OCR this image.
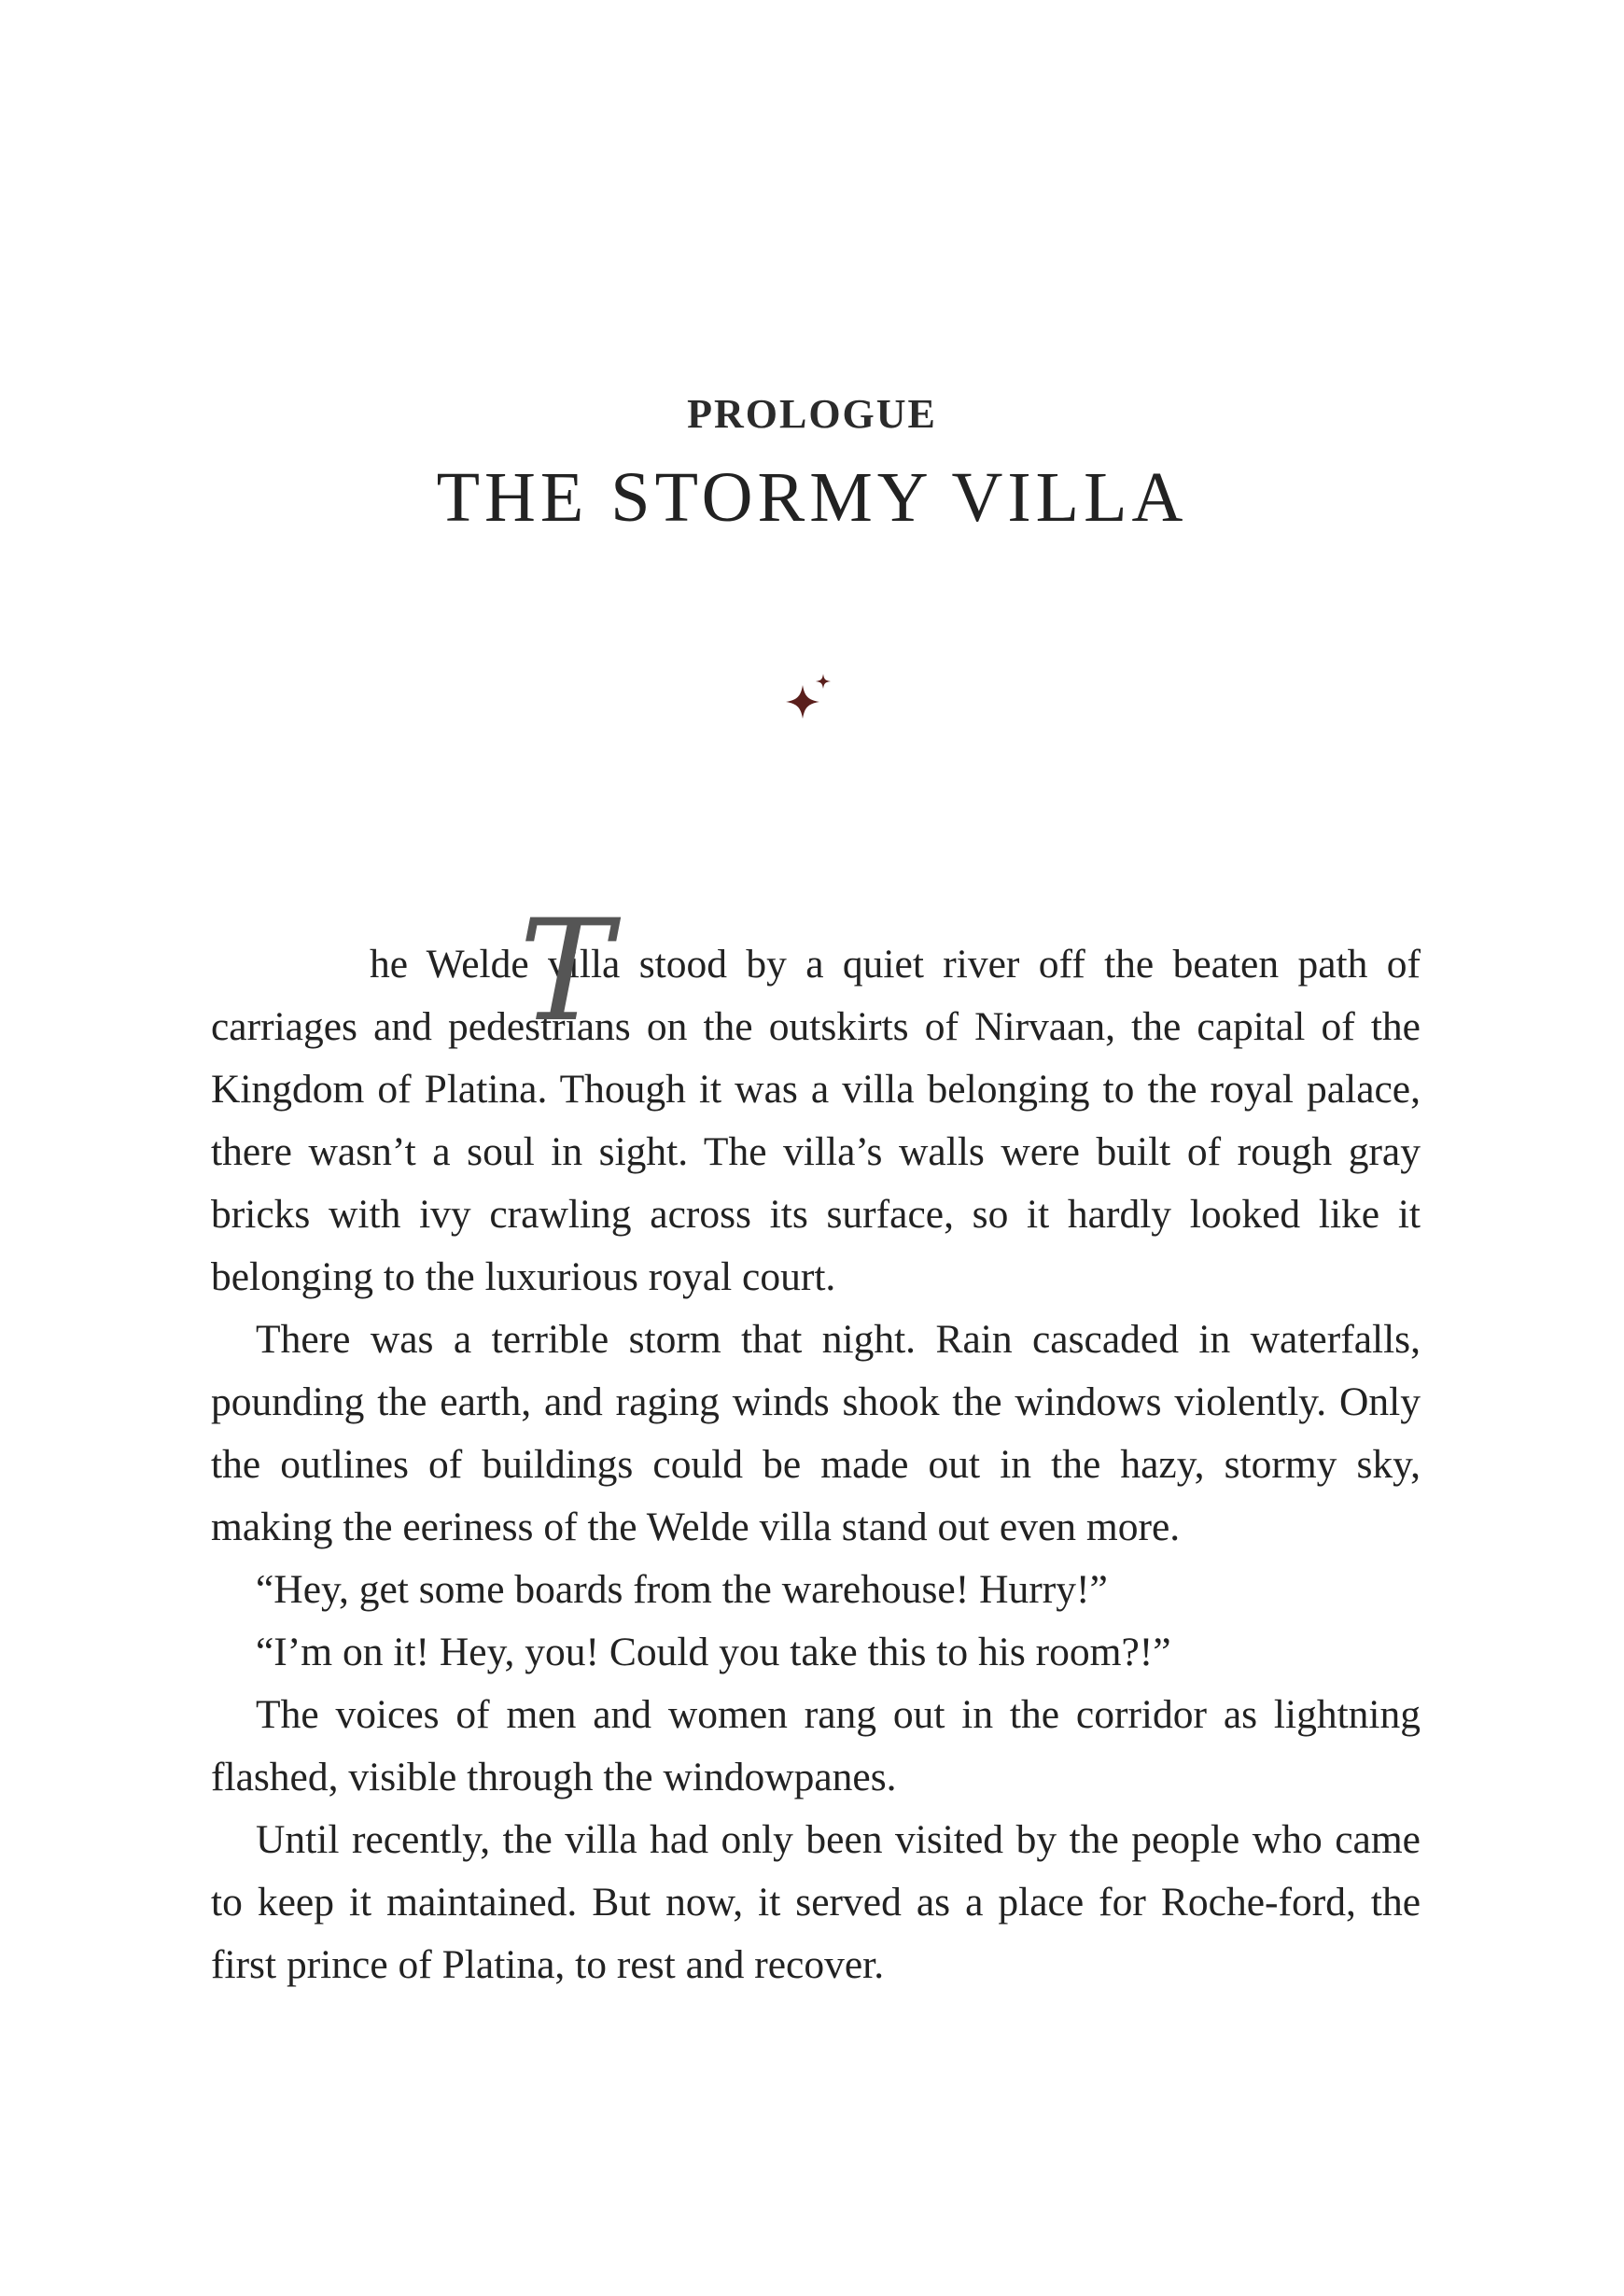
PROLOGUE
THE STORMY VILLA

T
he Welde villa stood by a quiet river off the beaten path of carriages and pedestrians on the outskirts of Nirvaan, the capital of the Kingdom of Platina. Though it was a villa belonging to the royal palace, there wasn’t a soul in sight. The villa’s walls were built of rough gray bricks with ivy crawling across its surface, so it hardly looked like it belonging to the luxurious royal court.

There was a terrible storm that night. Rain cascaded in waterfalls, pounding the earth, and raging winds shook the windows violently. Only the outlines of buildings could be made out in the hazy, stormy sky, making the eeriness of the Welde villa stand out even more.

“Hey, get some boards from the warehouse! Hurry!”

“I’m on it! Hey, you! Could you take this to his room?!”

The voices of men and women rang out in the corridor as lightning flashed, visible through the windowpanes.

Until recently, the villa had only been visited by the people who came to keep it maintained. But now, it served as a place for Roche-ford, the first prince of Platina, to rest and recover.
